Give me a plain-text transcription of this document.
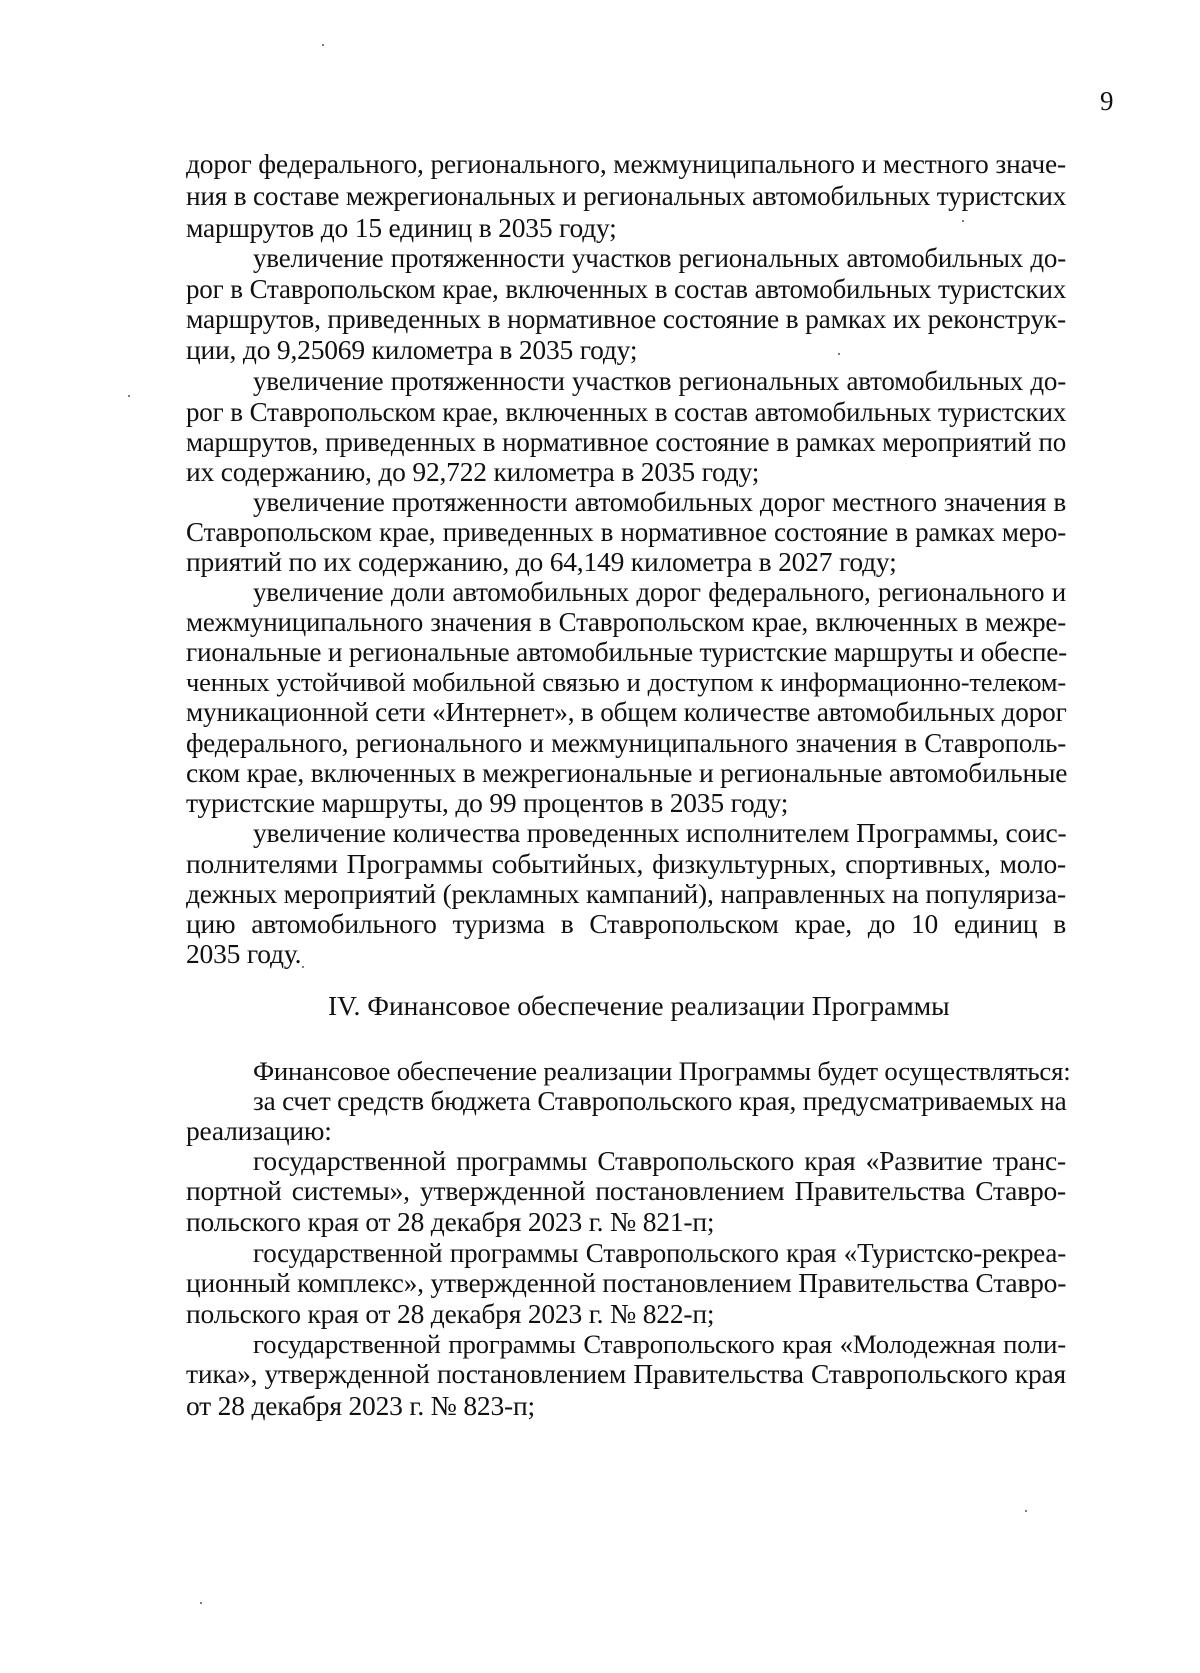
9
дорог федерального, регионального, межмуниципального и местного значе-
ния в составе межрегиональных и региональных автомобильных туристских
маршрутов до 15 единиц в 2035 году;
увеличение протяженности участков региональных автомобильных до-
рог в Ставропольском крае, включенных в состав автомобильных туристских
маршрутов, приведенных в нормативное состояние в рамках их реконструк-
ции, до 9,25069 километра в 2035 году;
увеличение протяженности участков региональных автомобильных до-
рог в Ставропольском крае, включенных в состав автомобильных туристских
маршрутов, приведенных в нормативное состояние в рамках мероприятий по
их содержанию, до 92,722 километра в 2035 году;
увеличение протяженности автомобильных дорог местного значения в
Ставропольском крае, приведенных в нормативное состояние в рамках меро-
приятий по их содержанию, до 64,149 километра в 2027 году;
увеличение доли автомобильных дорог федерального, регионального и
межмуниципального значения в Ставропольском крае, включенных в межре-
гиональные и региональные автомобильные туристские маршруты и обеспе-
ченных устойчивой мобильной связью и доступом к информационно-телеком-
муникационной сети «Интернет», в общем количестве автомобильных дорог
федерального, регионального и межмуниципального значения в Ставрополь-
ском крае, включенных в межрегиональные и региональные автомобильные
туристские маршруты, до 99 процентов в 2035 году;
увеличение количества проведенных исполнителем Программы, соис-
полнителями Программы событийных, физкультурных, спортивных, моло-
дежных мероприятий (рекламных кампаний), направленных на популяриза-
цию автомобильного туризма в Ставропольском крае, до 10 единиц в
2035 году.
Финансовое обеспечение реализации Программы будет осуществляться:
за счет средств бюджета Ставропольского края, предусматриваемых на
реализацию:
государственной программы Ставропольского края «Развитие транс-
портной системы», утвержденной постановлением Правительства Ставро-
польского края от 28 декабря 2023 г. № 821-п;
государственной программы Ставропольского края «Туристско-рекреа-
ционный комплекс», утвержденной постановлением Правительства Ставро-
польского края от 28 декабря 2023 г. № 822-п;
государственной программы Ставропольского края «Молодежная поли-
тика», утвержденной постановлением Правительства Ставропольского края
от 28 декабря 2023 г. № 823-п;
IV. Финансовое обеспечение реализации Программы
